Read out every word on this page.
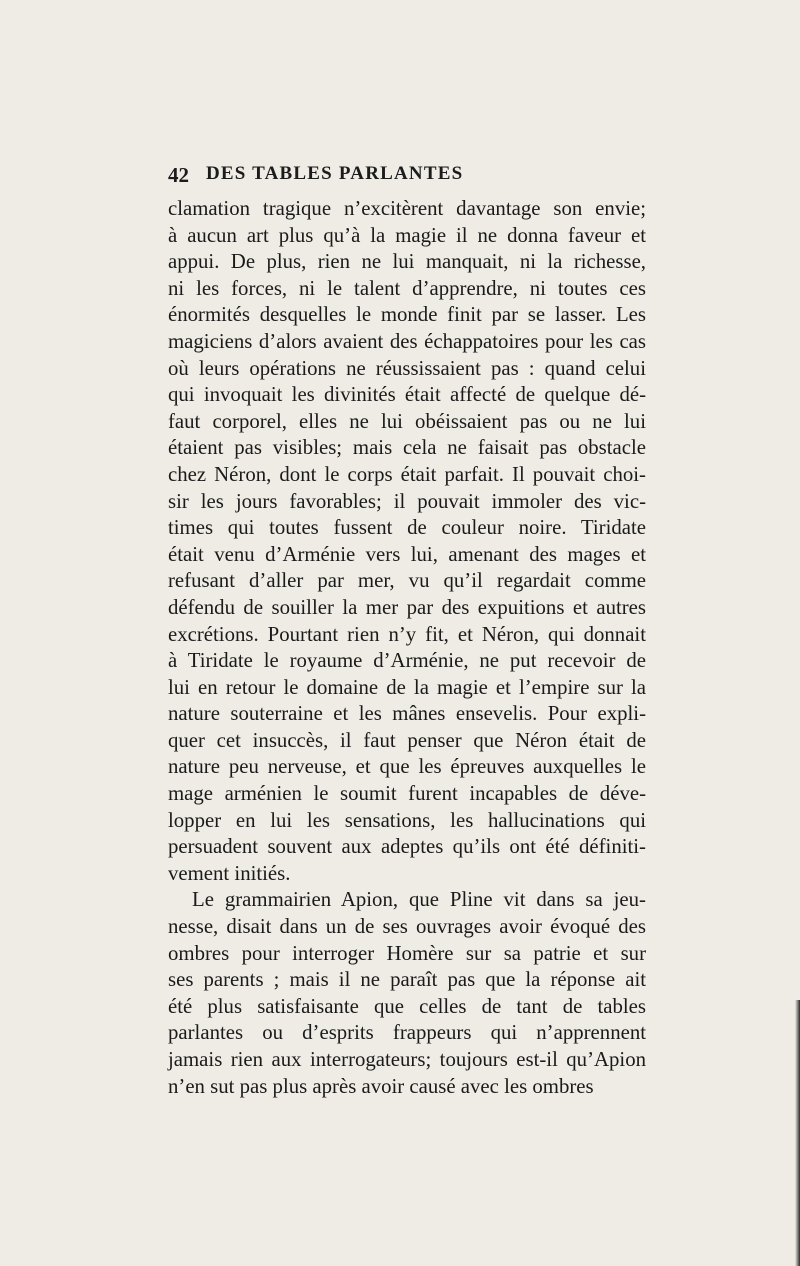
42 DES TABLES PARLANTES
clamation tragique n’excitèrent davantage son envie;
à aucun art plus qu’à la magie il ne donna faveur et
appui. De plus, rien ne lui manquait, ni la richesse,
ni les forces, ni le talent d’apprendre, ni toutes ces
énormités desquelles le monde finit par se lasser. Les
magiciens d’alors avaient des échappatoires pour les cas
où leurs opérations ne réussissaient pas : quand celui
qui invoquait les divinités était affecté de quelque dé-
faut corporel, elles ne lui obéissaient pas ou ne lui
étaient pas visibles; mais cela ne faisait pas obstacle
chez Néron, dont le corps était parfait. Il pouvait choi-
sir les jours favorables; il pouvait immoler des vic-
times qui toutes fussent de couleur noire. Tiridate
était venu d’Arménie vers lui, amenant des mages et
refusant d’aller par mer, vu qu’il regardait comme
défendu de souiller la mer par des expuitions et autres
excrétions. Pourtant rien n’y fit, et Néron, qui donnait
à Tiridate le royaume d’Arménie, ne put recevoir de
lui en retour le domaine de la magie et l’empire sur la
nature souterraine et les mânes ensevelis. Pour expli-
quer cet insuccès, il faut penser que Néron était de
nature peu nerveuse, et que les épreuves auxquelles le
mage arménien le soumit furent incapables de déve-
lopper en lui les sensations, les hallucinations qui
persuadent souvent aux adeptes qu’ils ont été définiti-
vement initiés.
Le grammairien Apion, que Pline vit dans sa jeu-
nesse, disait dans un de ses ouvrages avoir évoqué des
ombres pour interroger Homère sur sa patrie et sur
ses parents ; mais il ne paraît pas que la réponse ait
été plus satisfaisante que celles de tant de tables
parlantes ou d’esprits frappeurs qui n’apprennent
jamais rien aux interrogateurs; toujours est-il qu’Apion
n’en sut pas plus après avoir causé avec les ombres
